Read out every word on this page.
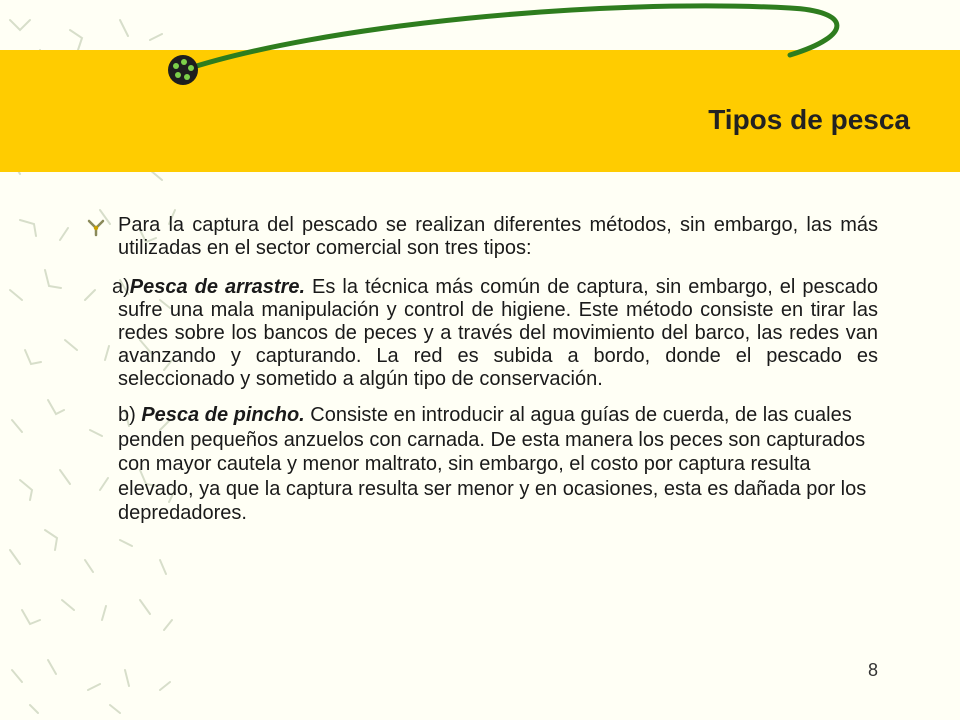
Tipos de pesca

Para la captura del pescado se realizan diferentes métodos, sin embargo, las más utilizadas en el sector comercial son tres tipos:

a)Pesca de arrastre. Es la técnica más común de captura, sin embargo, el pescado sufre una mala manipulación y control de higiene. Este método consiste en tirar las redes sobre los bancos de peces y a través del movimiento del barco, las redes van avanzando y capturando. La red es subida a bordo, donde el pescado es seleccionado y sometido a algún tipo de conservación.

b) Pesca de pincho. Consiste en introducir al agua guías de cuerda, de las cuales penden pequeños anzuelos con carnada. De esta manera los peces son capturados con mayor cautela y menor maltrato, sin embargo, el costo por captura resulta elevado, ya que la captura resulta ser menor y en ocasiones, esta es dañada por los depredadores.

8
